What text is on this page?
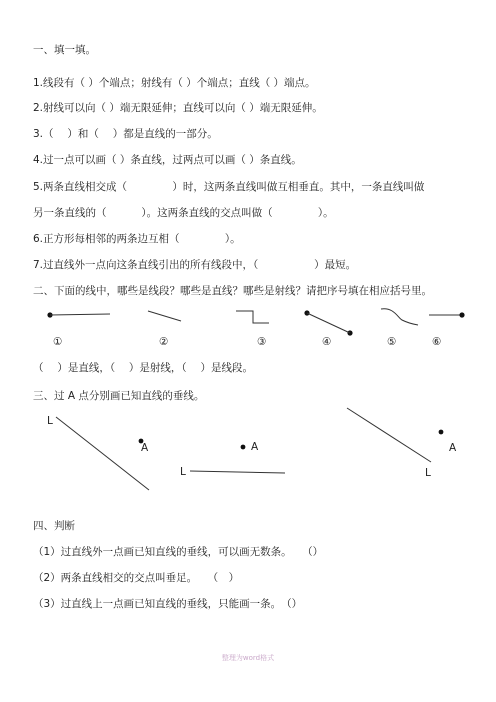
一、填一填。
1.线段有（ ）个端点；射线有（ ）个端点；直线（ ）端点。
2.射线可以向（ ）端无限延伸；直线可以向（ ）端无限延伸。
3.（　 ）和（　 ）都是直线的一部分。
4.过一点可以画（ ）条直线，过两点可以画（ ）条直线。
5.两条直线相交成（　　　　 ）时，这两条直线叫做互相垂直。其中，一条直线叫做
另一条直线的（　　　 ）。这两条直线的交点叫做（　　　　 ）。
6.正方形每相邻的两条边互相（　　　　 ）。
7.过直线外一点向这条直线引出的所有线段中，（　　　　　 ）最短。
二、下面的线中，哪些是线段？哪些是直线？哪些是射线？请把序号填在相应括号里。
①	②	③	④	⑤	⑥
（　 ）是直线，（　 ）是射线，（　 ）是线段。
三、过 A 点分别画已知直线的垂线。
L
A	A
L
A
L
四、判断
（1）过直线外一点画已知直线的垂线，可以画无数条。　　（）
（2）两条直线相交的交点叫垂足。　　（　）
（3）过直线上一点画已知直线的垂线，只能画一条。　（）
整理为word格式
